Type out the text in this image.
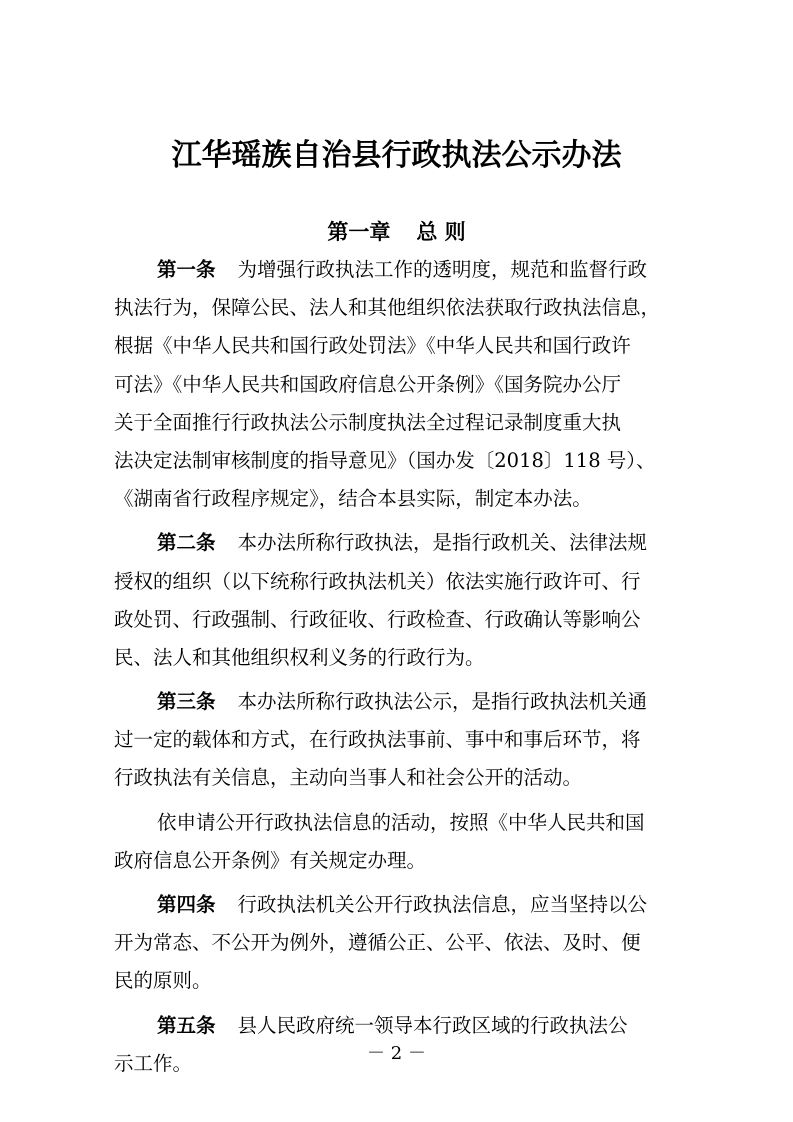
江华瑶族自治县行政执法公示办法
第一章 总 则
第一条 为增强行政执法工作的透明度，规范和监督行政
执法行为，保障公民、法人和其他组织依法获取行政执法信息，
根据《中华人民共和国行政处罚法》《中华人民共和国行政许
可法》《中华人民共和国政府信息公开条例》《国务院办公厅
关于全面推行行政执法公示制度执法全过程记录制度重大执
法决定法制审核制度的指导意见》（国办发〔2018〕118 号）、
《湖南省行政程序规定》，结合本县实际，制定本办法。
第二条 本办法所称行政执法，是指行政机关、法律法规
授权的组织（以下统称行政执法机关）依法实施行政许可、行
政处罚、行政强制、行政征收、行政检查、行政确认等影响公
民、法人和其他组织权利义务的行政行为。
第三条 本办法所称行政执法公示，是指行政执法机关通
过一定的载体和方式，在行政执法事前、事中和事后环节，将
行政执法有关信息，主动向当事人和社会公开的活动。
依申请公开行政执法信息的活动，按照《中华人民共和国
政府信息公开条例》有关规定办理。
第四条 行政执法机关公开行政执法信息，应当坚持以公
开为常态、不公开为例外，遵循公正、公平、依法、及时、便
民的原则。
第五条 县人民政府统一领导本行政区域的行政执法公
示工作。	－ 2 －
